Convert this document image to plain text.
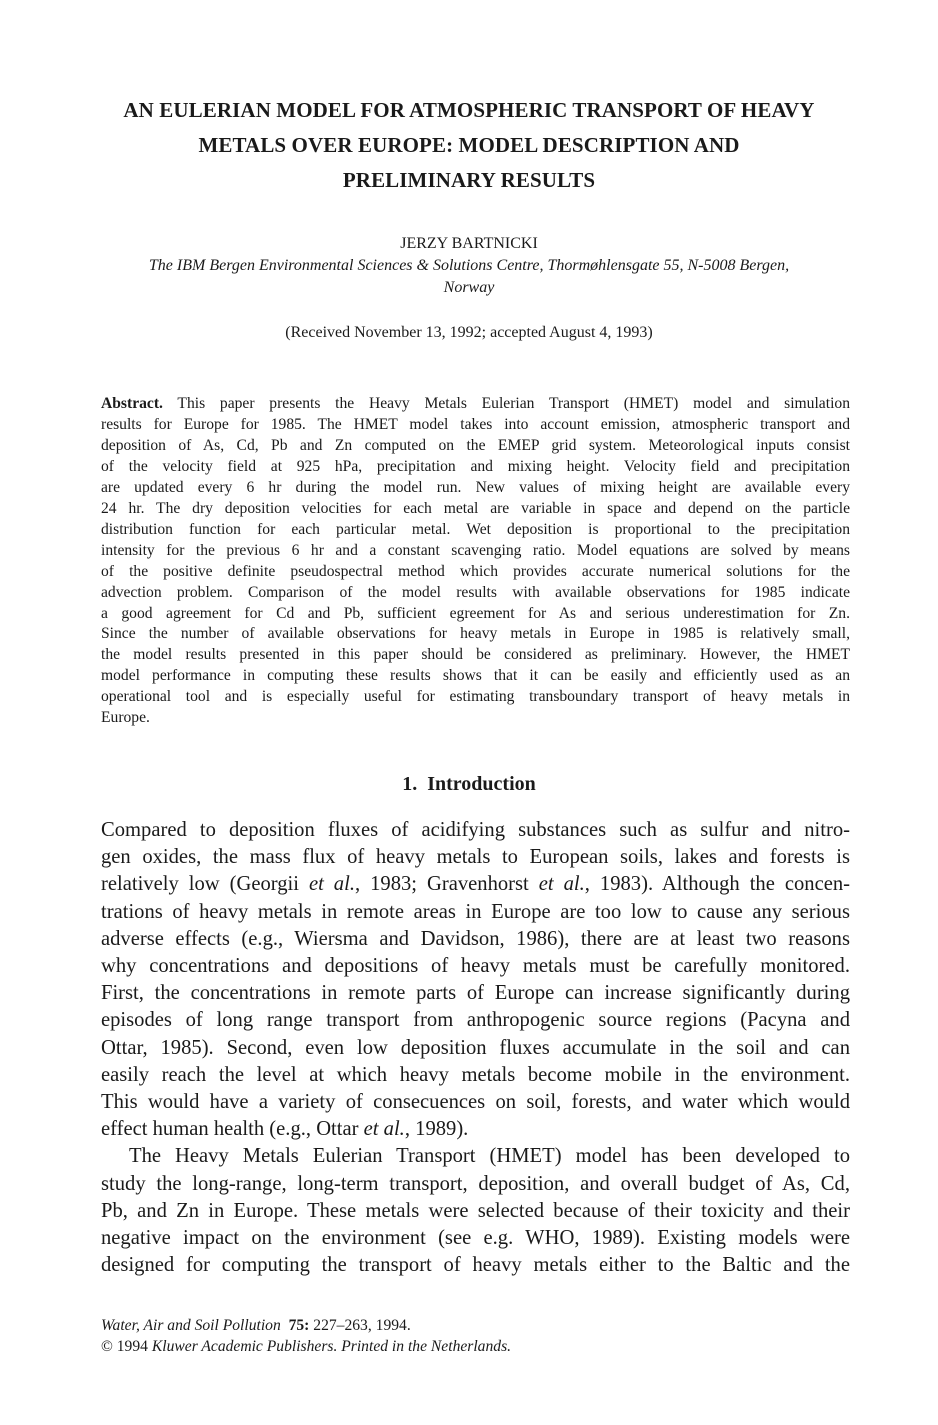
AN EULERIAN MODEL FOR ATMOSPHERIC TRANSPORT OF HEAVY
METALS OVER EUROPE: MODEL DESCRIPTION AND
PRELIMINARY RESULTS
JERZY BARTNICKI
The IBM Bergen Environmental Sciences & Solutions Centre, Thormøhlensgate 55, N-5008 Bergen,
Norway
(Received November 13, 1992; accepted August 4, 1993)
Abstract. This paper presents the Heavy Metals Eulerian Transport (HMET) model and simulation
results for Europe for 1985. The HMET model takes into account emission, atmospheric transport and
deposition of As, Cd, Pb and Zn computed on the EMEP grid system. Meteorological inputs consist
of the velocity field at 925 hPa, precipitation and mixing height. Velocity field and precipitation
are updated every 6 hr during the model run. New values of mixing height are available every
24 hr. The dry deposition velocities for each metal are variable in space and depend on the particle
distribution function for each particular metal. Wet deposition is proportional to the precipitation
intensity for the previous 6 hr and a constant scavenging ratio. Model equations are solved by means
of the positive definite pseudospectral method which provides accurate numerical solutions for the
advection problem. Comparison of the model results with available observations for 1985 indicate
a good agreement for Cd and Pb, sufficient egreement for As and serious underestimation for Zn.
Since the number of available observations for heavy metals in Europe in 1985 is relatively small,
the model results presented in this paper should be considered as preliminary. However, the HMET
model performance in computing these results shows that it can be easily and efficiently used as an
operational tool and is especially useful for estimating transboundary transport of heavy metals in
Europe.
1. Introduction
Compared to deposition fluxes of acidifying substances such as sulfur and nitro-
gen oxides, the mass flux of heavy metals to European soils, lakes and forests is
relatively low (Georgii et al., 1983; Gravenhorst et al., 1983). Although the concen-
trations of heavy metals in remote areas in Europe are too low to cause any serious
adverse effects (e.g., Wiersma and Davidson, 1986), there are at least two reasons
why concentrations and depositions of heavy metals must be carefully monitored.
First, the concentrations in remote parts of Europe can increase significantly during
episodes of long range transport from anthropogenic source regions (Pacyna and
Ottar, 1985). Second, even low deposition fluxes accumulate in the soil and can
easily reach the level at which heavy metals become mobile in the environment.
This would have a variety of consecuences on soil, forests, and water which would
effect human health (e.g., Ottar et al., 1989).
The Heavy Metals Eulerian Transport (HMET) model has been developed to
study the long-range, long-term transport, deposition, and overall budget of As, Cd,
Pb, and Zn in Europe. These metals were selected because of their toxicity and their
negative impact on the environment (see e.g. WHO, 1989). Existing models were
designed for computing the transport of heavy metals either to the Baltic and the
Water, Air and Soil Pollution 75: 227–263, 1994.
© 1994 Kluwer Academic Publishers. Printed in the Netherlands.
